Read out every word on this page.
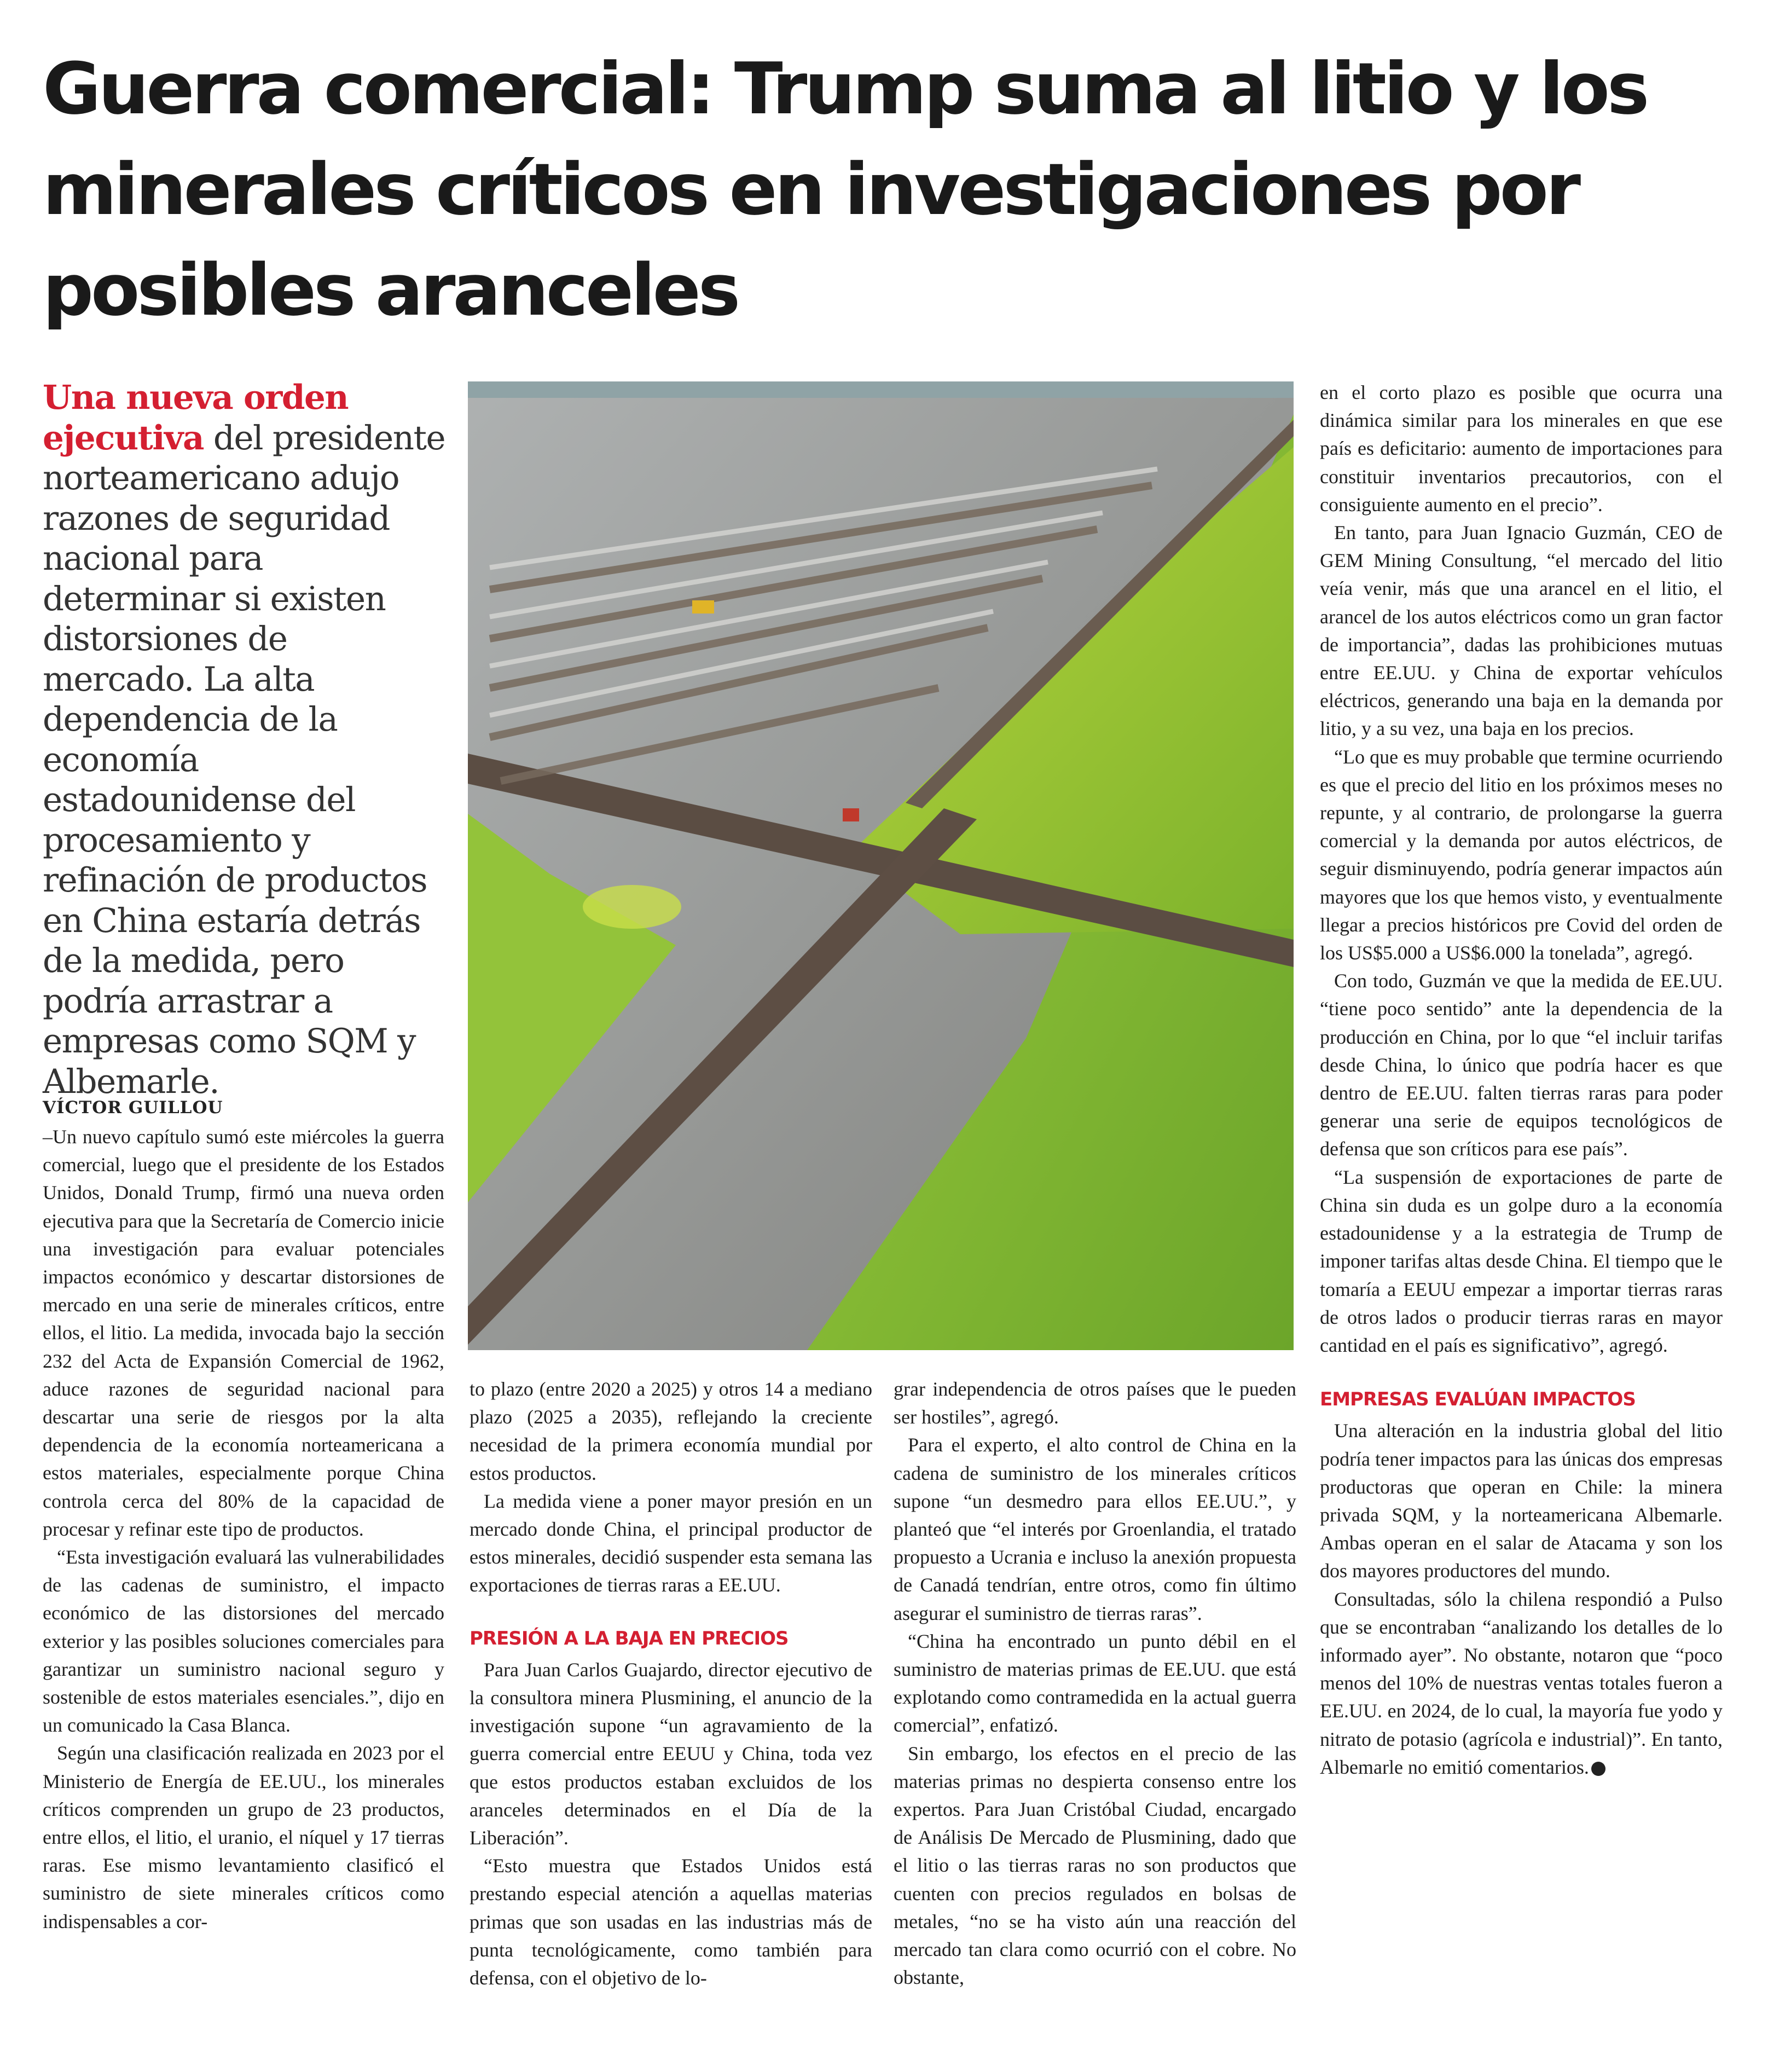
Guerra comercial: Trump suma al litio y los minerales críticos en investigaciones por posibles aranceles
Una nueva orden ejecutiva del presidente norteamericano adujo razones de seguridad nacional para determinar si existen distorsiones de mercado. La alta dependencia de la economía estadounidense del procesamiento y refinación de productos en China estaría detrás de la medida, pero podría arrastrar a empresas como SQM y Albemarle.
VÍCTOR GUILLOU

–Un nuevo capítulo sumó este miércoles la guerra comercial, luego que el presidente de los Estados Unidos, Donald Trump, firmó una nueva orden ejecutiva para que la Secretaría de Comercio inicie una investigación para evaluar potenciales impactos económico y descartar distorsiones de mercado en una serie de minerales críticos, entre ellos, el litio. La medida, invocada bajo la sección 232 del Acta de Expansión Comercial de 1962, aduce razones de seguridad nacional para descartar una serie de riesgos por la alta dependencia de la economía norteamericana a estos materiales, especialmente porque China controla cerca del 80% de la capacidad de procesar y refinar este tipo de productos.

“Esta investigación evaluará las vulnerabilidades de las cadenas de suministro, el impacto económico de las distorsiones del mercado exterior y las posibles soluciones comerciales para garantizar un suministro nacional seguro y sostenible de estos materiales esenciales.”, dijo en un comunicado la Casa Blanca.

Según una clasificación realizada en 2023 por el Ministerio de Energía de EE.UU., los minerales críticos comprenden un grupo de 23 productos, entre ellos, el litio, el uranio, el níquel y 17 tierras raras. Ese mismo levantamiento clasificó el suministro de siete minerales críticos como indispensables a cor-

to plazo (entre 2020 a 2025) y otros 14 a mediano plazo (2025 a 2035), reflejando la creciente necesidad de la primera economía mundial por estos productos.

La medida viene a poner mayor presión en un mercado donde China, el principal productor de estos minerales, decidió suspender esta semana las exportaciones de tierras raras a EE.UU.

PRESIÓN A LA BAJA EN PRECIOS

Para Juan Carlos Guajardo, director ejecutivo de la consultora minera Plusmining, el anuncio de la investigación supone “un agravamiento de la guerra comercial entre EEUU y China, toda vez que estos productos estaban excluidos de los aranceles determinados en el Día de la Liberación”.

“Esto muestra que Estados Unidos está prestando especial atención a aquellas materias primas que son usadas en las industrias más de punta tecnológicamente, como también para defensa, con el objetivo de lo-

grar independencia de otros países que le pueden ser hostiles”, agregó.

Para el experto, el alto control de China en la cadena de suministro de los minerales críticos supone “un desmedro para ellos EE.UU.”, y planteó que “el interés por Groenlandia, el tratado propuesto a Ucrania e incluso la anexión propuesta de Canadá tendrían, entre otros, como fin último asegurar el suministro de tierras raras”.

“China ha encontrado un punto débil en el suministro de materias primas de EE.UU. que está explotando como contramedida en la actual guerra comercial”, enfatizó.

Sin embargo, los efectos en el precio de las materias primas no despierta consenso entre los expertos. Para Juan Cristóbal Ciudad, encargado de Análisis De Mercado de Plusmining, dado que el litio o las tierras raras no son productos que cuenten con precios regulados en bolsas de metales, “no se ha visto aún una reacción del mercado tan clara como ocurrió con el cobre. No obstante,

en el corto plazo es posible que ocurra una dinámica similar para los minerales en que ese país es deficitario: aumento de importaciones para constituir inventarios precautorios, con el consiguiente aumento en el precio”.

En tanto, para Juan Ignacio Guzmán, CEO de GEM Mining Consultung, “el mercado del litio veía venir, más que una arancel en el litio, el arancel de los autos eléctricos como un gran factor de importancia”, dadas las prohibiciones mutuas entre EE.UU. y China de exportar vehículos eléctricos, generando una baja en la demanda por litio, y a su vez, una baja en los precios.

“Lo que es muy probable que termine ocurriendo es que el precio del litio en los próximos meses no repunte, y al contrario, de prolongarse la guerra comercial y la demanda por autos eléctricos, de seguir disminuyendo, podría generar impactos aún mayores que los que hemos visto, y eventualmente llegar a precios históricos pre Covid del orden de los US$5.000 a US$6.000 la tonelada”, agregó.

Con todo, Guzmán ve que la medida de EE.UU. “tiene poco sentido” ante la dependencia de la producción en China, por lo que “el incluir tarifas desde China, lo único que podría hacer es que dentro de EE.UU. falten tierras raras para poder generar una serie de equipos tecnológicos de defensa que son críticos para ese país”.

“La suspensión de exportaciones de parte de China sin duda es un golpe duro a la economía estadounidense y a la estrategia de Trump de imponer tarifas altas desde China. El tiempo que le tomaría a EEUU empezar a importar tierras raras de otros lados o producir tierras raras en mayor cantidad en el país es significativo”, agregó.

EMPRESAS EVALÚAN IMPACTOS

Una alteración en la industria global del litio podría tener impactos para las únicas dos empresas productoras que operan en Chile: la minera privada SQM, y la norteamericana Albemarle. Ambas operan en el salar de Atacama y son los dos mayores productores del mundo.

Consultadas, sólo la chilena respondió a Pulso que se encontraban “analizando los detalles de lo informado ayer”. No obstante, notaron que “poco menos del 10% de nuestras ventas totales fueron a EE.UU. en 2024, de lo cual, la mayoría fue yodo y nitrato de potasio (agrícola e industrial)”. En tanto, Albemarle no emitió comentarios. P
